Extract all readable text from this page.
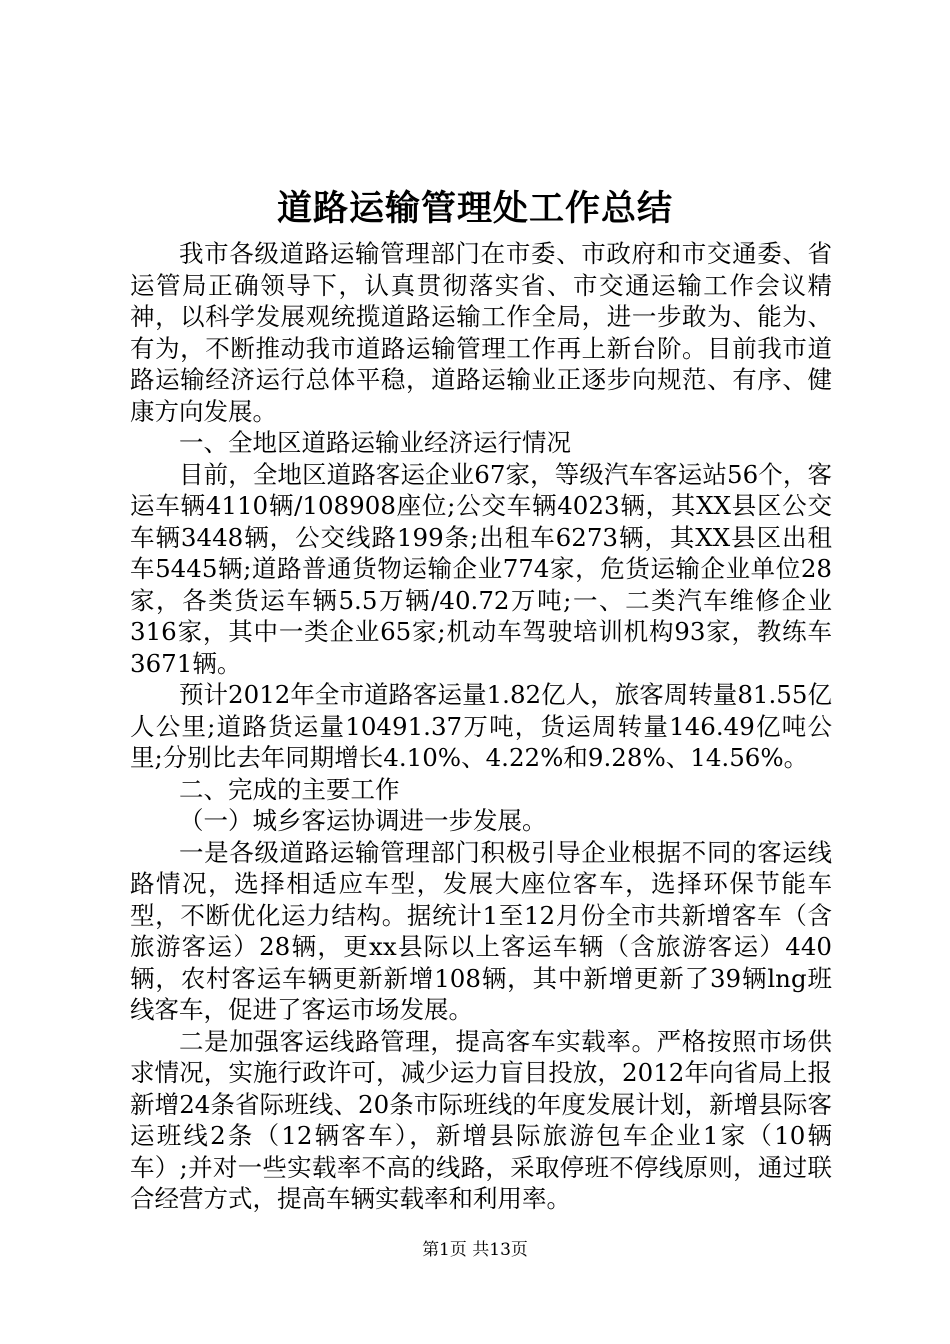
道路运输管理处工作总结

我市各级道路运输管理部门在市委、市政府和市交通委、省运管局正确领导下，认真贯彻落实省、市交通运输工作会议精神，以科学发展观统揽道路运输工作全局，进一步敢为、能为、有为，不断推动我市道路运输管理工作再上新台阶。目前我市道路运输经济运行总体平稳，道路运输业正逐步向规范、有序、健康方向发展。

一、全地区道路运输业经济运行情况

目前，全地区道路客运企业67家，等级汽车客运站56个，客运车辆4110辆/108908座位;公交车辆4023辆，其XX县区公交车辆3448辆，公交线路199条;出租车6273辆，其XX县区出租车5445辆;道路普通货物运输企业774家，危货运输企业单位28家，各类货运车辆5.5万辆/40.72万吨;一、二类汽车维修企业316家，其中一类企业65家;机动车驾驶培训机构93家，教练车3671辆。

预计2012年全市道路客运量1.82亿人，旅客周转量81.55亿人公里;道路货运量10491.37万吨，货运周转量146.49亿吨公里;分别比去年同期增长4.10%、4.22%和9.28%、14.56%。

二、完成的主要工作

（一）城乡客运协调进一步发展。

一是各级道路运输管理部门积极引导企业根据不同的客运线路情况，选择相适应车型，发展大座位客车，选择环保节能车型，不断优化运力结构。据统计1至12月份全市共新增客车（含旅游客运）28辆，更xx县际以上客运车辆（含旅游客运）440辆，农村客运车辆更新新增108辆，其中新增更新了39辆lng班线客车，促进了客运市场发展。

二是加强客运线路管理，提高客车实载率。严格按照市场供求情况，实施行政许可，减少运力盲目投放，2012年向省局上报新增24条省际班线、20条市际班线的年度发展计划，新增县际客运班线2条（12辆客车），新增县际旅游包车企业1家（10辆车）;并对一些实载率不高的线路，采取停班不停线原则，通过联合经营方式，提高车辆实载率和利用率。

第1页 共13页
